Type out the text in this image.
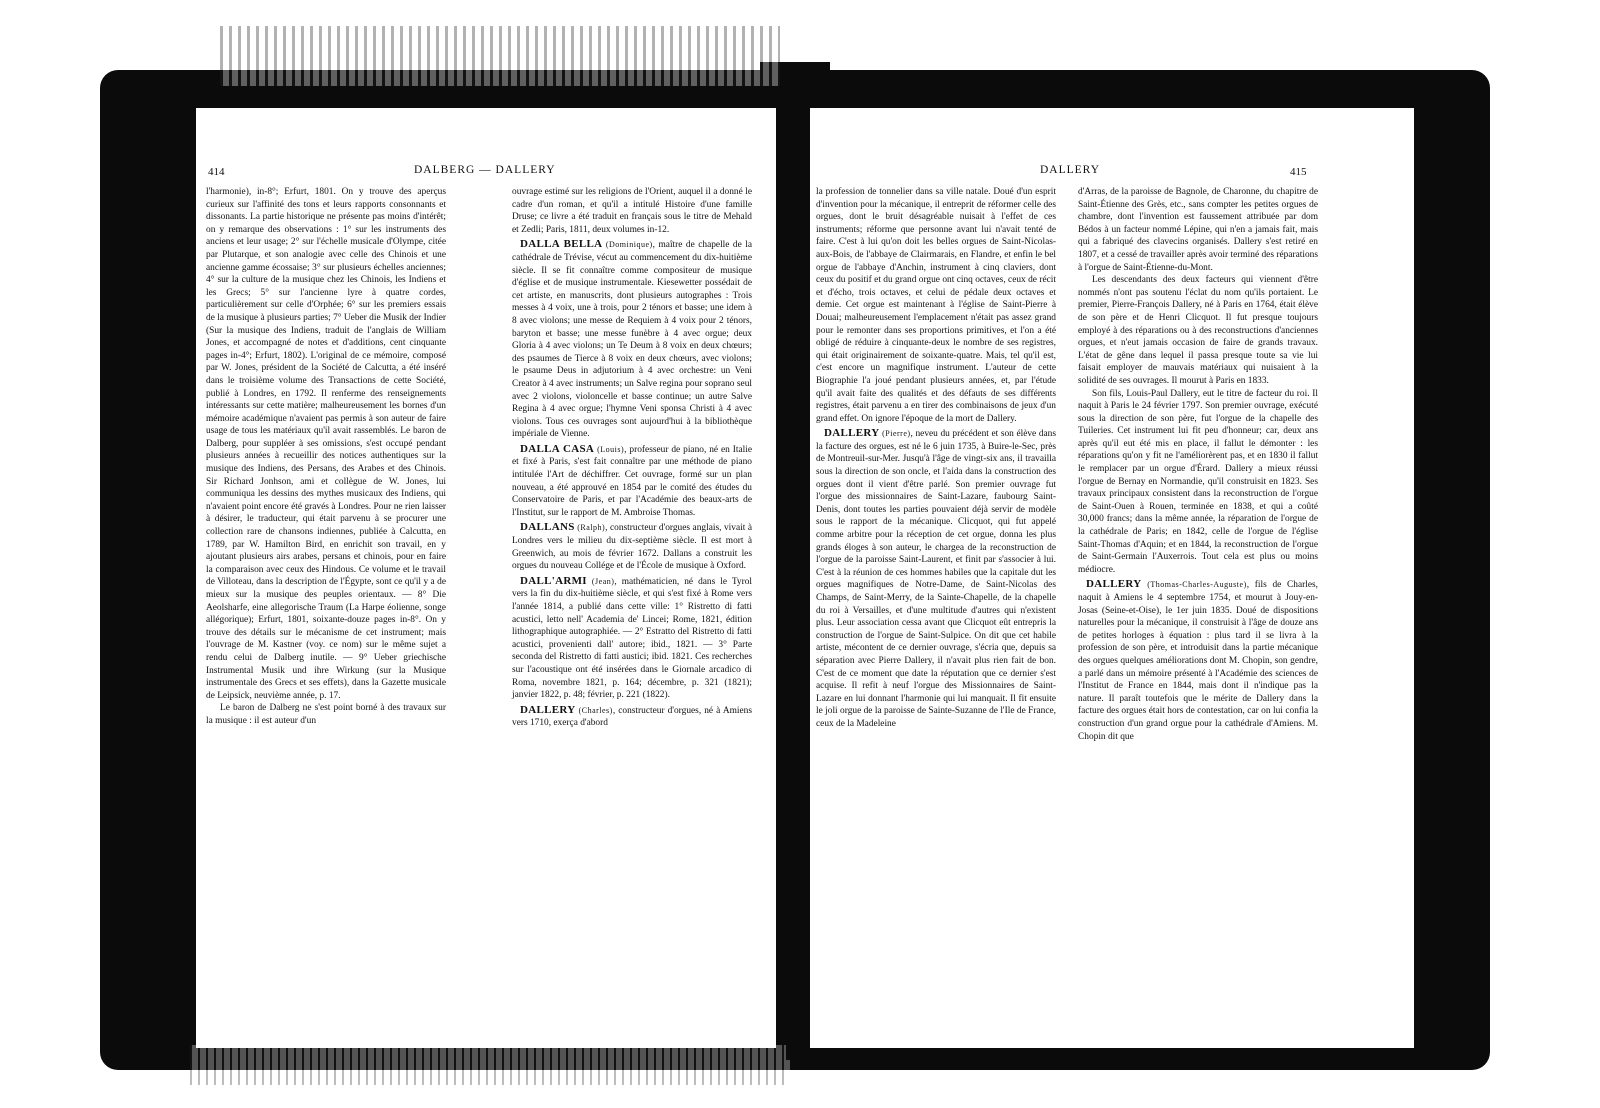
414	DALBERG — DALLERY

l'harmonie), in-8°; Erfurt, 1801. On y trouve des aperçus curieux sur l'affinité des tons et leurs rapports consonnants et dissonants. La partie historique ne présente pas moins d'intérêt; on y remarque des observations : 1° sur les instruments des anciens et leur usage; 2° sur l'échelle musicale d'Olympe, citée par Plutarque, et son analogie avec celle des Chinois et une ancienne gamme écossaise; 3° sur plusieurs échelles anciennes; 4° sur la culture de la musique chez les Chinois, les Indiens et les Grecs; 5° sur l'ancienne lyre à quatre cordes, particulièrement sur celle d'Orphée; 6° sur les premiers essais de la musique à plusieurs parties; 7° Ueber die Musik der Indier (Sur la musique des Indiens, traduit de l'anglais de William Jones, et accompagné de notes et d'additions, cent cinquante pages in-4°; Erfurt, 1802). L'original de ce mémoire, composé par W. Jones, président de la Société de Calcutta, a été inséré dans le troisième volume des Transactions de cette Société, publié à Londres, en 1792. Il renferme des renseignements intéressants sur cette matière; malheureusement les bornes d'un mémoire académique n'avaient pas permis à son auteur de faire usage de tous les matériaux qu'il avait rassemblés. Le baron de Dalberg, pour suppléer à ses omissions, s'est occupé pendant plusieurs années à recueillir des notices authentiques sur la musique des Indiens, des Persans, des Arabes et des Chinois. Sir Richard Jonhson, ami et collègue de W. Jones, lui communiqua les dessins des mythes musicaux des Indiens, qui n'avaient point encore été gravés à Londres. Pour ne rien laisser à désirer, le traducteur, qui était parvenu à se procurer une collection rare de chansons indiennes, publiée à Calcutta, en 1789, par W. Hamilton Bird, en enrichit son travail, en y ajoutant plusieurs airs arabes, persans et chinois, pour en faire la comparaison avec ceux des Hindous. Ce volume et le travail de Villoteau, dans la description de l'Égypte, sont ce qu'il y a de mieux sur la musique des peuples orientaux. — 8° Die Aeolsharfe, eine allegorische Traum (La Harpe éolienne, songe allégorique); Erfurt, 1801, soixante-douze pages in-8°. On y trouve des détails sur le mécanisme de cet instrument; mais l'ouvrage de M. Kastner (voy. ce nom) sur le même sujet a rendu celui de Dalberg inutile. — 9° Ueber griechische Instrumental Musik und ihre Wirkung (sur la Musique instrumentale des Grecs et ses effets), dans la Gazette musicale de Leipsick, neuvième année, p. 17.

Le baron de Dalberg ne s'est point borné à des travaux sur la musique : il est auteur d'un

ouvrage estimé sur les religions de l'Orient, auquel il a donné le cadre d'un roman, et qu'il a intitulé Histoire d'une famille Druse; ce livre a été traduit en français sous le titre de Mehald et Zedli; Paris, 1811, deux volumes in-12.

DALLA BELLA (Dominique), maître de chapelle de la cathédrale de Trévise, vécut au commencement du dix-huitième siècle. Il se fit connaître comme compositeur de musique d'église et de musique instrumentale. Kiesewetter possédait de cet artiste, en manuscrits, dont plusieurs autographes : Trois messes à 4 voix, une à trois, pour 2 ténors et basse; une idem à 8 avec violons; une messe de Requiem à 4 voix pour 2 ténors, baryton et basse; une messe funèbre à 4 avec orgue; deux Gloria à 4 avec violons; un Te Deum à 8 voix en deux chœurs; des psaumes de Tierce à 8 voix en deux chœurs, avec violons; le psaume Deus in adjutorium à 4 avec orchestre: un Veni Creator à 4 avec instruments; un Salve regina pour soprano seul avec 2 violons, violoncelle et basse continue; un autre Salve Regina à 4 avec orgue; l'hymne Veni sponsa Christi à 4 avec violons. Tous ces ouvrages sont aujourd'hui à la bibliothèque impériale de Vienne.

DALLA CASA (Louis), professeur de piano, né en Italie et fixé à Paris, s'est fait connaître par une méthode de piano intitulée l'Art de déchiffrer. Cet ouvrage, formé sur un plan nouveau, a été approuvé en 1854 par le comité des études du Conservatoire de Paris, et par l'Académie des beaux-arts de l'Institut, sur le rapport de M. Ambroise Thomas.

DALLANS (Ralph), constructeur d'orgues anglais, vivait à Londres vers le milieu du dix-septième siècle. Il est mort à Greenwich, au mois de février 1672. Dallans a construit les orgues du nouveau Collége et de l'École de musique à Oxford.

DALL'ARMI (Jean), mathématicien, né dans le Tyrol vers la fin du dix-huitième siècle, et qui s'est fixé à Rome vers l'année 1814, a publié dans cette ville: 1° Ristretto di fatti acustici, letto nell' Academia de' Lincei; Rome, 1821, édition lithographique autographiée. — 2° Estratto del Ristretto di fatti acustici, provenienti dall' autore; ibid., 1821. — 3° Parte seconda del Ristretto di fatti austici; ibid. 1821. Ces recherches sur l'acoustique ont été insérées dans le Giornale arcadico di Roma, novembre 1821, p. 164; décembre, p. 321 (1821); janvier 1822, p. 48; février, p. 221 (1822).

DALLERY (Charles), constructeur d'orgues, né à Amiens vers 1710, exerça d'abord

DALLERY	415

la profession de tonnelier dans sa ville natale. Doué d'un esprit d'invention pour la mécanique, il entreprit de réformer celle des orgues, dont le bruit désagréable nuisait à l'effet de ces instruments; réforme que personne avant lui n'avait tenté de faire. C'est à lui qu'on doit les belles orgues de Saint-Nicolas-aux-Bois, de l'abbaye de Clairmarais, en Flandre, et enfin le bel orgue de l'abbaye d'Anchin, instrument à cinq claviers, dont ceux du positif et du grand orgue ont cinq octaves, ceux de récit et d'écho, trois octaves, et celui de pédale deux octaves et demie. Cet orgue est maintenant à l'église de Saint-Pierre à Douai; malheureusement l'emplacement n'était pas assez grand pour le remonter dans ses proportions primitives, et l'on a été obligé de réduire à cinquante-deux le nombre de ses registres, qui était originairement de soixante-quatre. Mais, tel qu'il est, c'est encore un magnifique instrument. L'auteur de cette Biographie l'a joué pendant plusieurs années, et, par l'étude qu'il avait faite des qualités et des défauts de ses différents registres, était parvenu a en tirer des combinaisons de jeux d'un grand effet. On ignore l'époque de la mort de Dallery.

DALLERY (Pierre), neveu du précédent et son élève dans la facture des orgues, est né le 6 juin 1735, à Buire-le-Sec, près de Montreuil-sur-Mer. Jusqu'à l'âge de vingt-six ans, il travailla sous la direction de son oncle, et l'aida dans la construction des orgues dont il vient d'être parlé. Son premier ouvrage fut l'orgue des missionnaires de Saint-Lazare, faubourg Saint-Denis, dont toutes les parties pouvaient déjà servir de modèle sous le rapport de la mécanique. Clicquot, qui fut appelé comme arbitre pour la réception de cet orgue, donna les plus grands éloges à son auteur, le chargea de la reconstruction de l'orgue de la paroisse Saint-Laurent, et finit par s'associer à lui. C'est à la réunion de ces hommes habiles que la capitale dut les orgues magnifiques de Notre-Dame, de Saint-Nicolas des Champs, de Saint-Merry, de la Sainte-Chapelle, de la chapelle du roi à Versailles, et d'une multitude d'autres qui n'existent plus. Leur association cessa avant que Clicquot eût entrepris la construction de l'orgue de Saint-Sulpice. On dit que cet habile artiste, mécontent de ce dernier ouvrage, s'écria que, depuis sa séparation avec Pierre Dallery, il n'avait plus rien fait de bon. C'est de ce moment que date la réputation que ce dernier s'est acquise. Il refit à neuf l'orgue des Missionnaires de Saint-Lazare en lui donnant l'harmonie qui lui manquait. Il fit ensuite le joli orgue de la paroisse de Sainte-Suzanne de l'Ile de France, ceux de la Madeleine

d'Arras, de la paroisse de Bagnole, de Charonne, du chapitre de Saint-Étienne des Grès, etc., sans compter les petites orgues de chambre, dont l'invention est faussement attribuée par dom Bédos à un facteur nommé Lépine, qui n'en a jamais fait, mais qui a fabriqué des clavecins organisés. Dallery s'est retiré en 1807, et a cessé de travailler après avoir terminé des réparations à l'orgue de Saint-Étienne-du-Mont.

Les descendants des deux facteurs qui viennent d'être nommés n'ont pas soutenu l'éclat du nom qu'ils portaient. Le premier, Pierre-François Dallery, né à Paris en 1764, était élève de son père et de Henri Clicquot. Il fut presque toujours employé à des réparations ou à des reconstructions d'anciennes orgues, et n'eut jamais occasion de faire de grands travaux. L'état de gêne dans lequel il passa presque toute sa vie lui faisait employer de mauvais matériaux qui nuisaient à la solidité de ses ouvrages. Il mourut à Paris en 1833.

Son fils, Louis-Paul Dallery, eut le titre de facteur du roi. Il naquit à Paris le 24 février 1797. Son premier ouvrage, exécuté sous la direction de son père, fut l'orgue de la chapelle des Tuileries. Cet instrument lui fit peu d'honneur; car, deux ans après qu'il eut été mis en place, il fallut le démonter : les réparations qu'on y fit ne l'améliorèrent pas, et en 1830 il fallut le remplacer par un orgue d'Érard. Dallery a mieux réussi l'orgue de Bernay en Normandie, qu'il construisit en 1823. Ses travaux principaux consistent dans la reconstruction de l'orgue de Saint-Ouen à Rouen, terminée en 1838, et qui a coûté 30,000 francs; dans la même année, la réparation de l'orgue de la cathédrale de Paris; en 1842, celle de l'orgue de l'église Saint-Thomas d'Aquin; et en 1844, la reconstruction de l'orgue de Saint-Germain l'Auxerrois. Tout cela est plus ou moins médiocre.

DALLERY (Thomas-Charles-Auguste), fils de Charles, naquit à Amiens le 4 septembre 1754, et mourut à Jouy-en-Josas (Seine-et-Oise), le 1er juin 1835. Doué de dispositions naturelles pour la mécanique, il construisit à l'âge de douze ans de petites horloges à équation : plus tard il se livra à la profession de son père, et introduisit dans la partie mécanique des orgues quelques améliorations dont M. Chopin, son gendre, a parlé dans un mémoire présenté à l'Académie des sciences de l'Institut de France en 1844, mais dont il n'indique pas la nature. Il paraît toutefois que le mérite de Dallery dans la facture des orgues était hors de contestation, car on lui confia la construction d'un grand orgue pour la cathédrale d'Amiens. M. Chopin dit que
